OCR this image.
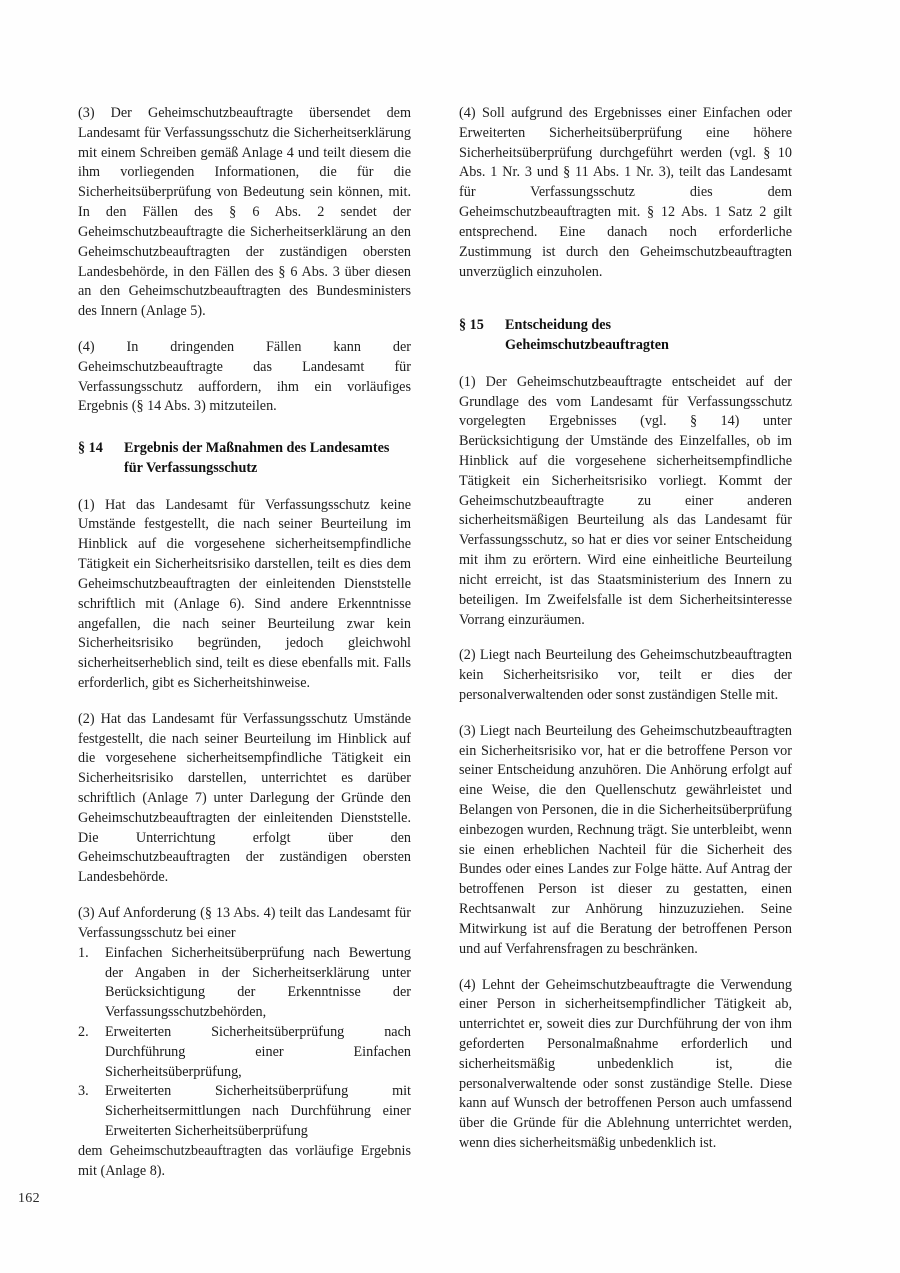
(3) Der Geheimschutzbeauftragte übersendet dem Landesamt für Verfassungsschutz die Sicherheitserklärung mit einem Schreiben gemäß Anlage 4 und teilt diesem die ihm vorliegenden Informationen, die für die Sicherheitsüberprüfung von Bedeutung sein können, mit. In den Fällen des § 6 Abs. 2 sendet der Geheimschutzbeauftragte die Sicherheitserklärung an den Geheimschutzbeauftragten der zuständigen obersten Landesbehörde, in den Fällen des § 6 Abs. 3 über diesen an den Geheimschutzbeauftragten des Bundesministers des Innern (Anlage 5).

(4) In dringenden Fällen kann der Geheimschutzbeauftragte das Landesamt für Verfassungsschutz auffordern, ihm ein vorläufiges Ergebnis (§ 14 Abs. 3) mitzuteilen.

§ 14	Ergebnis der Maßnahmen des Landesamtes für Verfassungsschutz

(1) Hat das Landesamt für Verfassungsschutz keine Umstände festgestellt, die nach seiner Beurteilung im Hinblick auf die vorgesehene sicherheitsempfindliche Tätigkeit ein Sicherheitsrisiko darstellen, teilt es dies dem Geheimschutzbeauftragten der einleitenden Dienststelle schriftlich mit (Anlage 6). Sind andere Erkenntnisse angefallen, die nach seiner Beurteilung zwar kein Sicherheitsrisiko begründen, jedoch gleichwohl sicherheitserheblich sind, teilt es diese ebenfalls mit. Falls erforderlich, gibt es Sicherheitshinweise.

(2) Hat das Landesamt für Verfassungsschutz Umstände festgestellt, die nach seiner Beurteilung im Hinblick auf die vorgesehene sicherheitsempfindliche Tätigkeit ein Sicherheitsrisiko darstellen, unterrichtet es darüber schriftlich (Anlage 7) unter Darlegung der Gründe den Geheimschutzbeauftragten der einleitenden Dienststelle. Die Unterrichtung erfolgt über den Geheimschutzbeauftragten der zuständigen obersten Landesbehörde.

(3) Auf Anforderung (§ 13 Abs. 4) teilt das Landesamt für Verfassungsschutz bei einer

1.	Einfachen Sicherheitsüberprüfung nach Bewertung der Angaben in der Sicherheitserklärung unter Berücksichtigung der Erkenntnisse der Verfassungsschutzbehörden,
2.	Erweiterten Sicherheitsüberprüfung nach Durchführung einer Einfachen Sicherheitsüberprüfung,
3.	Erweiterten Sicherheitsüberprüfung mit Sicherheitsermittlungen nach Durchführung einer Erweiterten Sicherheitsüberprüfung

dem Geheimschutzbeauftragten das vorläufige Ergebnis mit (Anlage 8).

(4) Soll aufgrund des Ergebnisses einer Einfachen oder Erweiterten Sicherheitsüberprüfung eine höhere Sicherheitsüberprüfung durchgeführt werden (vgl. § 10 Abs. 1 Nr. 3 und § 11 Abs. 1 Nr. 3), teilt das Landesamt für Verfassungsschutz dies dem Geheimschutzbeauftragten mit. § 12 Abs. 1 Satz 2 gilt entsprechend. Eine danach noch erforderliche Zustimmung ist durch den Geheimschutzbeauftragten unverzüglich einzuholen.

§ 15	Entscheidung des
Geheimschutzbeauftragten

(1) Der Geheimschutzbeauftragte entscheidet auf der Grundlage des vom Landesamt für Verfassungsschutz vorgelegten Ergebnisses (vgl. § 14) unter Berücksichtigung der Umstände des Einzelfalles, ob im Hinblick auf die vorgesehene sicherheitsempfindliche Tätigkeit ein Sicherheitsrisiko vorliegt. Kommt der Geheimschutzbeauftragte zu einer anderen sicherheitsmäßigen Beurteilung als das Landesamt für Verfassungsschutz, so hat er dies vor seiner Entscheidung mit ihm zu erörtern. Wird eine einheitliche Beurteilung nicht erreicht, ist das Staatsministerium des Innern zu beteiligen. Im Zweifelsfalle ist dem Sicherheitsinteresse Vorrang einzuräumen.

(2) Liegt nach Beurteilung des Geheimschutzbeauftragten kein Sicherheitsrisiko vor, teilt er dies der personalverwaltenden oder sonst zuständigen Stelle mit.

(3) Liegt nach Beurteilung des Geheimschutzbeauftragten ein Sicherheitsrisiko vor, hat er die betroffene Person vor seiner Entscheidung anzuhören. Die Anhörung erfolgt auf eine Weise, die den Quellenschutz gewährleistet und Belangen von Personen, die in die Sicherheitsüberprüfung einbezogen wurden, Rechnung trägt. Sie unterbleibt, wenn sie einen erheblichen Nachteil für die Sicherheit des Bundes oder eines Landes zur Folge hätte. Auf Antrag der betroffenen Person ist dieser zu gestatten, einen Rechtsanwalt zur Anhörung hinzuzuziehen. Seine Mitwirkung ist auf die Beratung der betroffenen Person und auf Verfahrensfragen zu beschränken.

(4) Lehnt der Geheimschutzbeauftragte die Verwendung einer Person in sicherheitsempfindlicher Tätigkeit ab, unterrichtet er, soweit dies zur Durchführung der von ihm geforderten Personalmaßnahme erforderlich und sicherheitsmäßig unbedenklich ist, die personalverwaltende oder sonst zuständige Stelle. Diese kann auf Wunsch der betroffenen Person auch umfassend über die Gründe für die Ablehnung unterrichtet werden, wenn dies sicherheitsmäßig unbedenklich ist.

162
